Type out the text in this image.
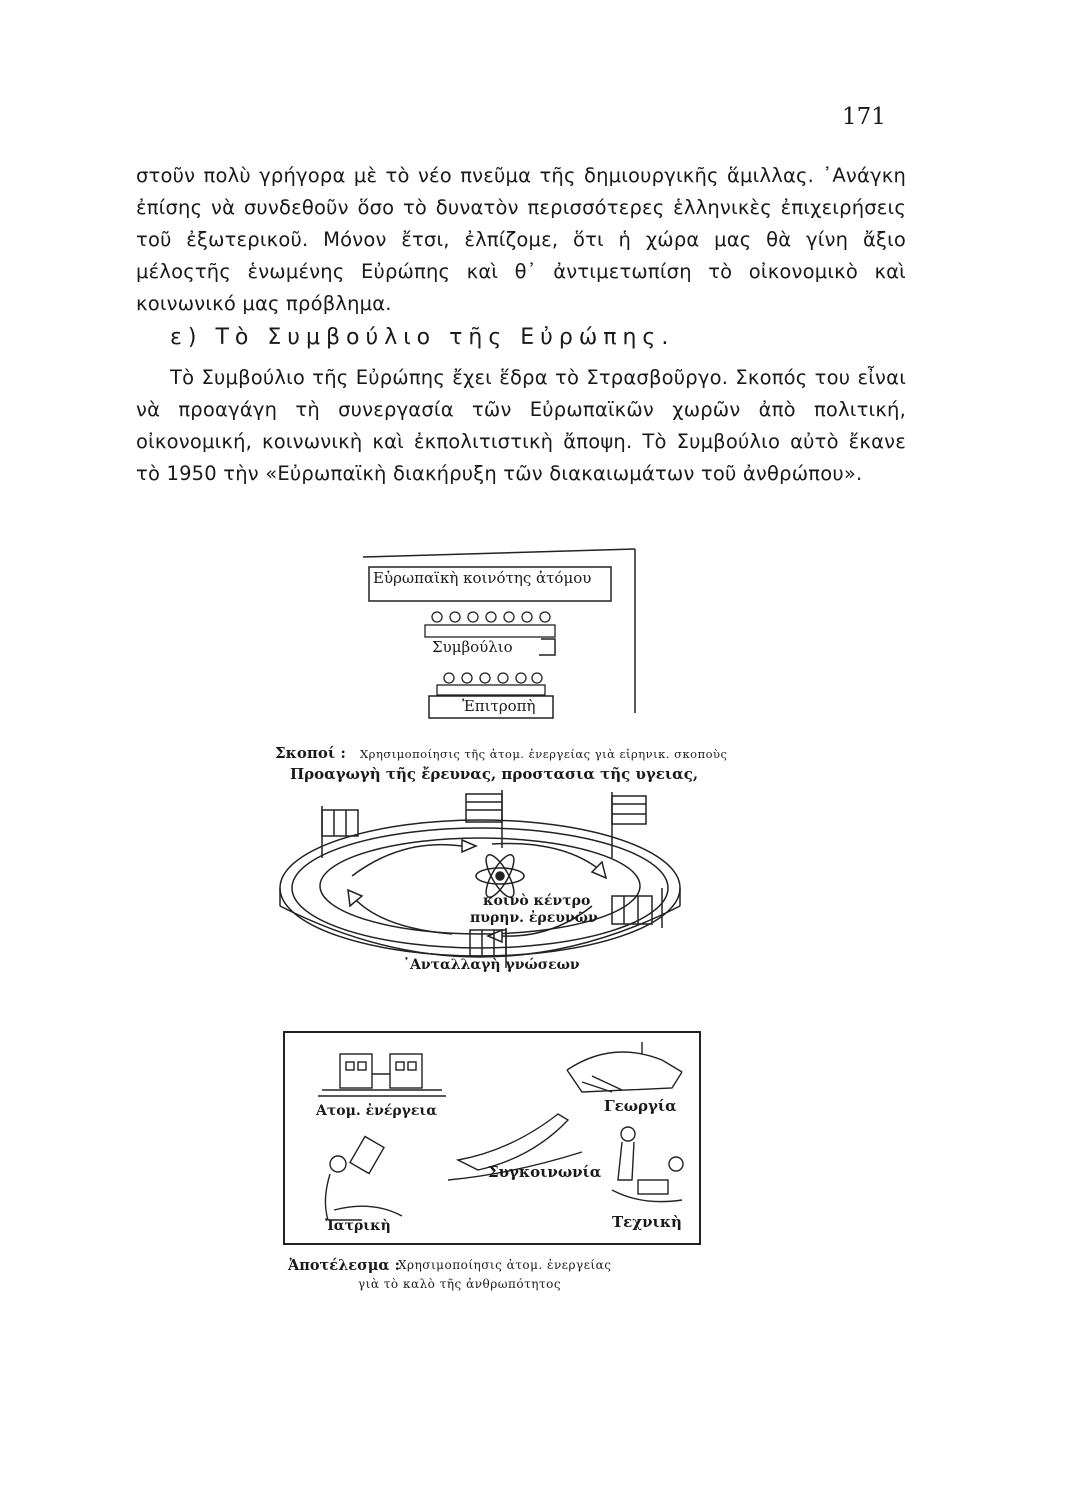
171

στοῦν πολὺ γρήγορα μὲ τὸ νέο πνεῦμα τῆς δημιουργικῆς ἅμιλλας. ᾿Ανάγκη ἐπίσης νὰ συνδεθοῦν ὅσο τὸ δυνατὸν περισσότερες ἑλληνικὲς ἐπιχειρήσεις τοῦ ἐξωτερικοῦ. Μόνον ἔτσι, ἐλπίζομε, ὅτι ἡ χώρα μας θὰ γίνη ἄξιο μέλοςτῆς ἑνωμένης Εὐρώπης καὶ θ᾿ ἀντιμετωπίση τὸ οἰκονομικὸ καὶ κοινωνικό μας πρόβλημα.

ε) Τὸ Συμβούλιο τῆς Εὐρώπης.

Τὸ Συμβούλιο τῆς Εὐρώπης ἔχει ἕδρα τὸ Στρασβοῦργο. Σκοπός του εἶναι νὰ προαγάγη τὴ συνεργασία τῶν Εὐρωπαϊκῶν χωρῶν ἀπὸ πολιτική, οἰκονομική, κοινωνικὴ καὶ ἐκπολιτιστικὴ ἄποψη. Τὸ Συμβούλιο αὐτὸ ἔκανε τὸ 1950 τὴν «Εὐρωπαϊκὴ διακήρυξη τῶν διακαιωμάτων τοῦ ἀνθρώπου».

Εὐρωπαϊκὴ κοινότης ἀτόμου
Συμβούλιο
Ἐπιτροπὴ
Σκοποί : Χρησιμοποίησις τῆς ἀτομ. ἐνεργείας γιὰ εἰρηνικ. σκοποὺς
Προαγωγὴ τῆς ἔρευνας, προστασια τῆς υγειας,
κοινὸ κέντρο
πυρην. ἐρευνῶν
᾿Ανταλλαγὴ γνώσεων
Ατομ. ἐνέργεια	Γεωργία
Συγκοινωνία
Ἰατρικὴ	Τεχνικὴ
Ἀποτέλεσμα :
Χρησιμοποίησις ἀτομ. ἐνεργείας
γιὰ τὸ καλὸ τῆς ἀνθρωπότητος
